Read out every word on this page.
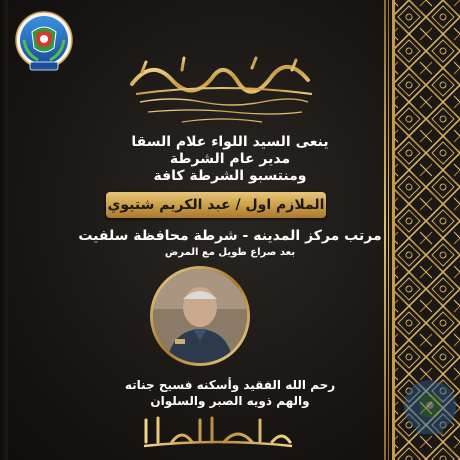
ينعى السيد اللواء علام السقا
مدير عام الشرطة
ومنتسبو الشرطة كافة
الملازم اول / عبد الكريم شتيوي
مرتب مركز المدينه - شرطة محافظة سلفيت
بعد صراع طويل مع المرض
رحم الله الفقيد وأسكنه فسيح جناته
والهم ذويه الصبر والسلوان
